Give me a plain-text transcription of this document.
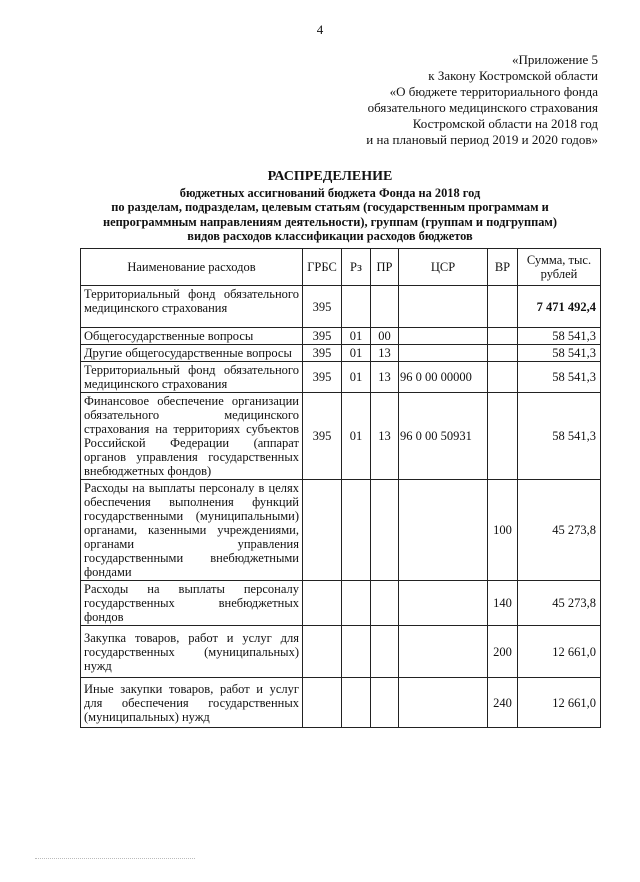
4
«Приложение 5
к Закону Костромской области
«О бюджете территориального фонда
обязательного медицинского страхования
Костромской области на 2018 год
и на плановый период 2019 и 2020 годов»
РАСПРЕДЕЛЕНИЕ
бюджетных ассигнований бюджета Фонда на 2018 год
по разделам, подразделам, целевым статьям (государственным программам и
непрограммным направлениям деятельности), группам (группам и подгруппам)
видов расходов классификации расходов бюджетов
Наименование расходов	ГРБС	Рз	ПР	ЦСР	ВР	Сумма, тыс. рублей
Территориальный фонд обязательного медицинского страхования	395					7 471 492,4
Общегосударственные вопросы	395	01	00			58 541,3
Другие общегосударственные вопросы	395	01	13			58 541,3
Территориальный фонд обязательного медицинского страхования	395	01	13	96 0 00 00000		58 541,3
Финансовое обеспечение организации обязательного медицинского страхования на территориях субъектов Российской Федерации (аппарат органов управления государственных внебюджетных фондов)	395	01	13	96 0 00 50931		58 541,3
Расходы на выплаты персоналу в целях обеспечения выполнения функций государственными (муниципальными) органами, казенными учреждениями, органами управления государственными внебюджетными фондами					100	45 273,8
Расходы на выплаты персоналу государственных внебюджетных фондов					140	45 273,8
Закупка товаров, работ и услуг для государственных (муниципальных) нужд					200	12 661,0
Иные закупки товаров, работ и услуг для обеспечения государственных (муниципальных) нужд					240	12 661,0
